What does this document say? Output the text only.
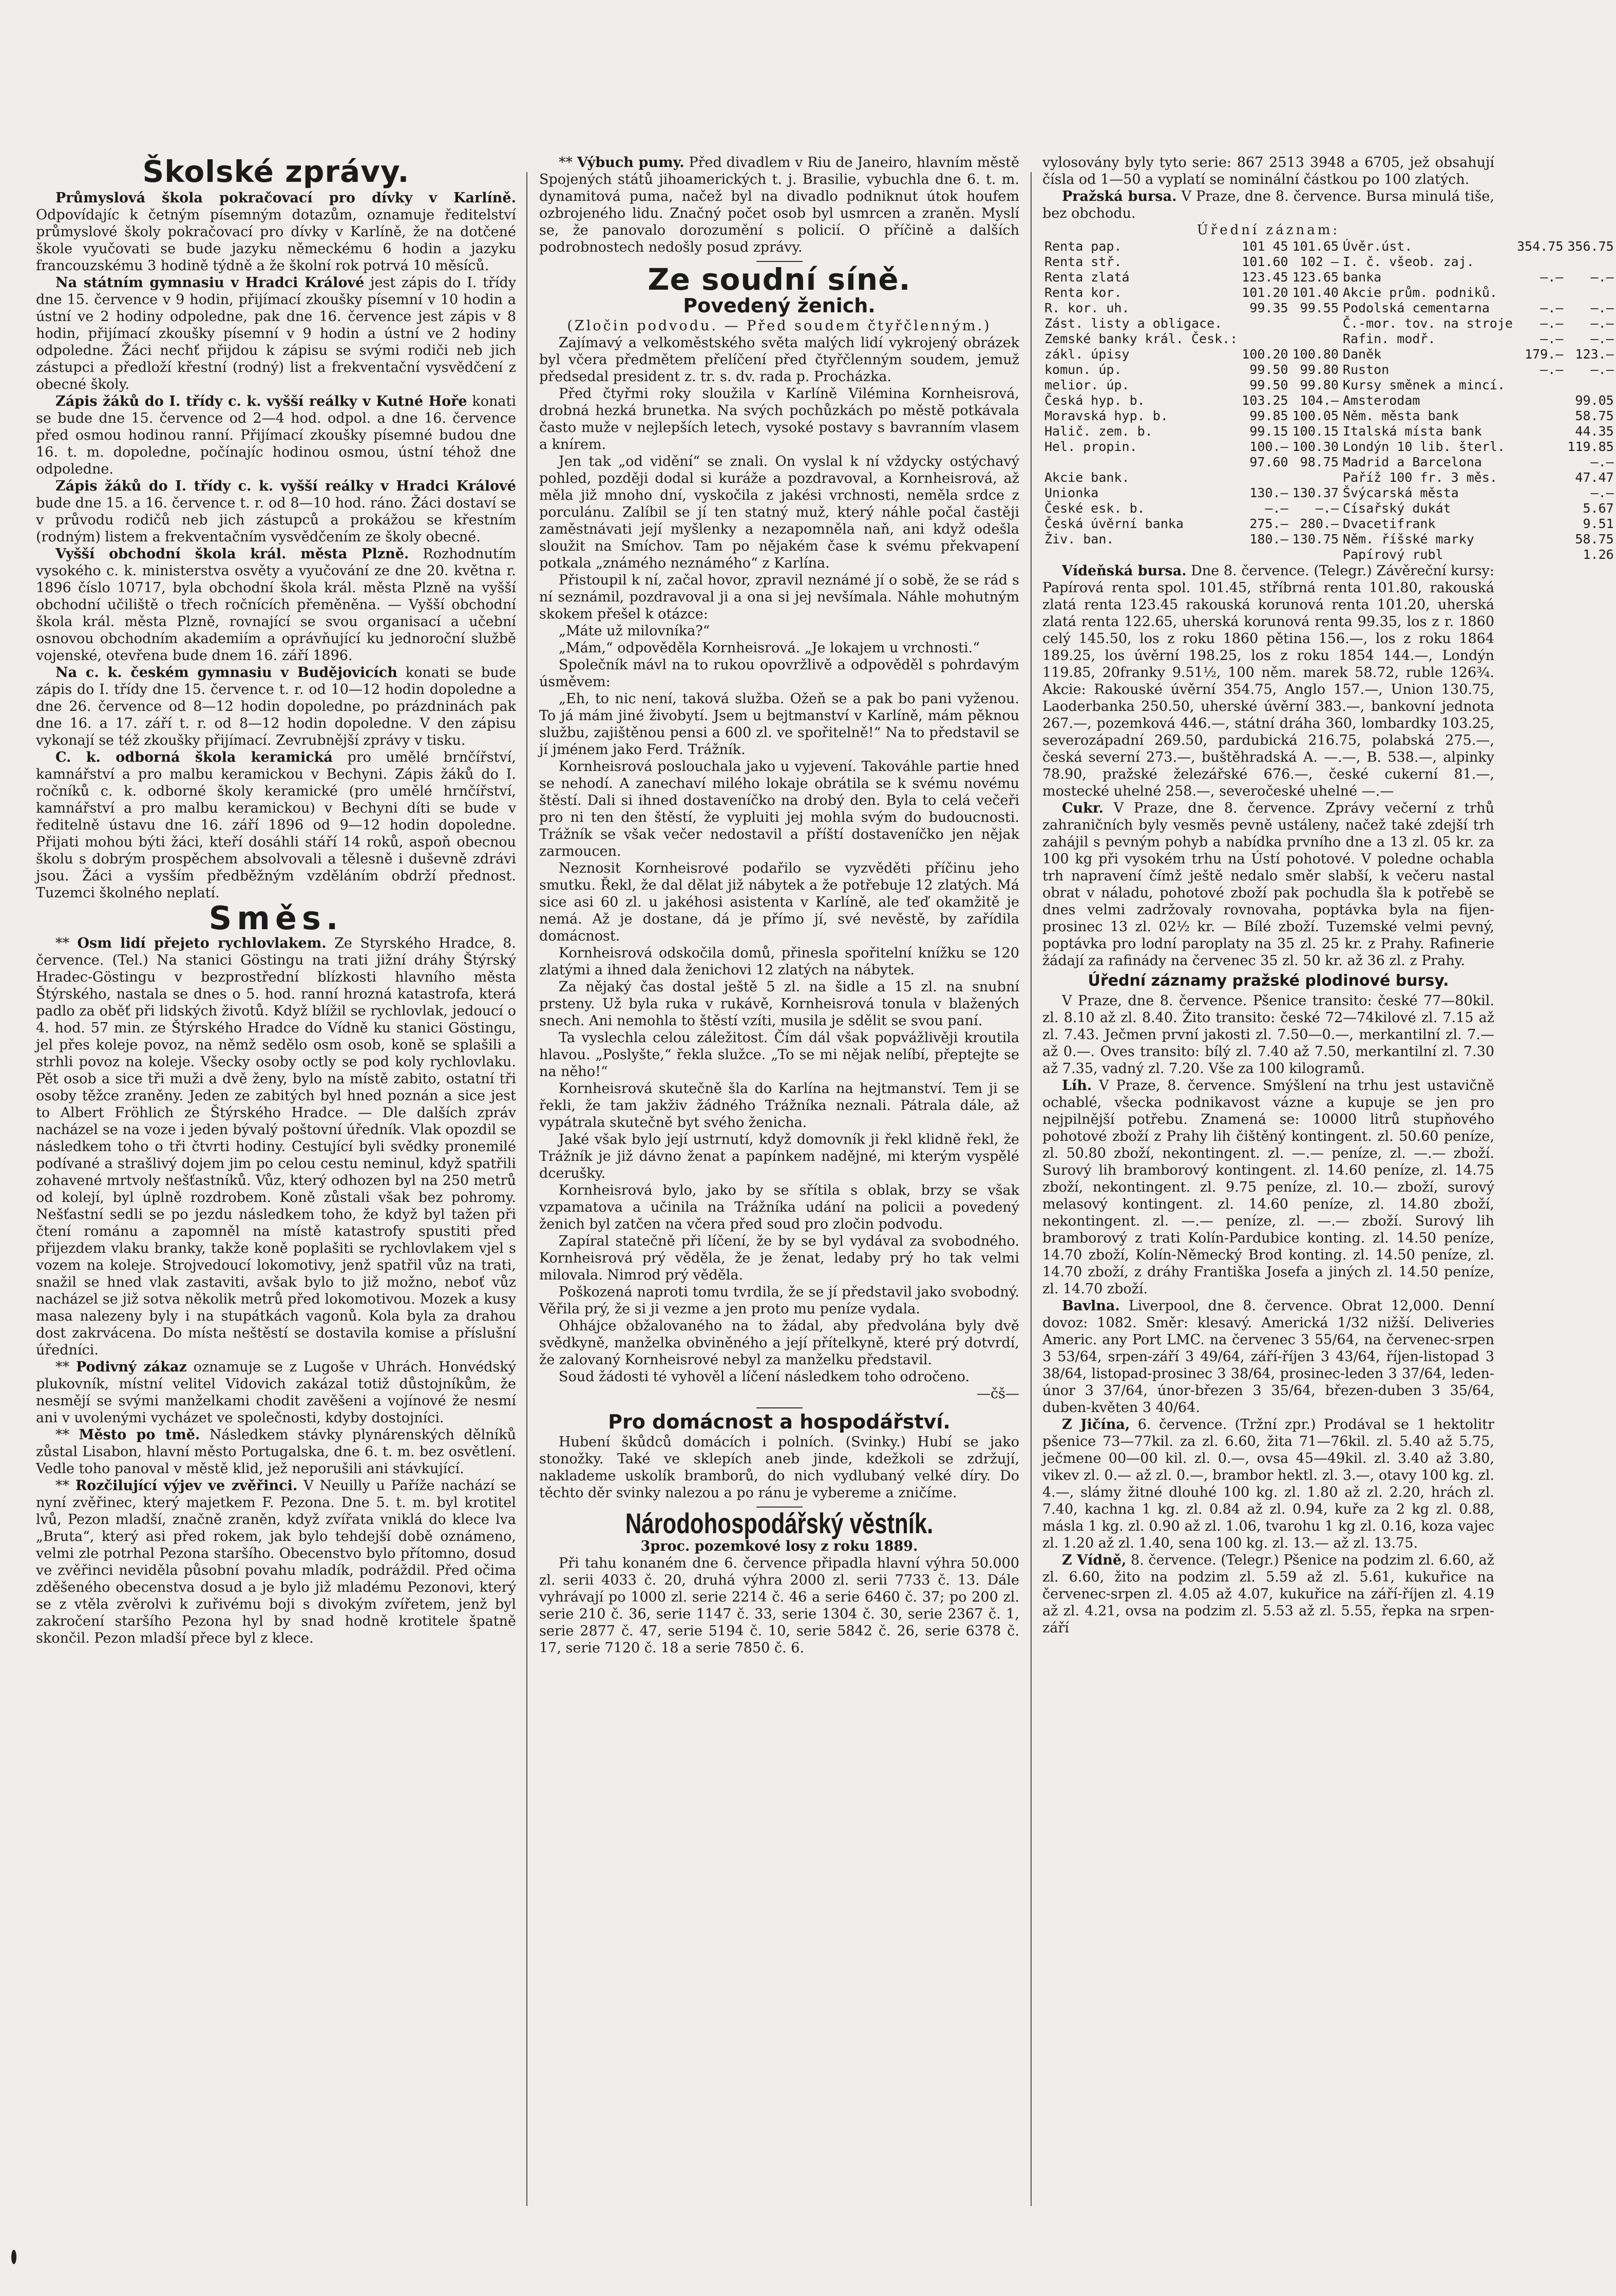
Školské zprávy.

Průmyslová škola pokračovací pro dívky v Karlíně. Odpovídajíc k četným písemným dotazům, oznamuje ředitelství průmyslové školy pokračovací pro dívky v Karlíně, že na dotčené škole vyučovati se bude jazyku německému 6 hodin a jazyku francouzskému 3 hodině týdně a že školní rok potrvá 10 měsíců.

Na státním gymnasiu v Hradci Králové jest zápis do I. třídy dne 15. července v 9 hodin, přijímací zkoušky písemní v 10 hodin a ústní ve 2 hodiny odpoledne, pak dne 16. července jest zápis v 8 hodin, přijímací zkoušky písemní v 9 hodin a ústní ve 2 hodiny odpoledne. Žáci nechť přijdou k zápisu se svými rodiči neb jich zástupci a předloží křestní (rodný) list a frekventační vysvědčení z obecné školy.

Zápis žáků do I. třídy c. k. vyšší reálky v Kutné Hoře konati se bude dne 15. července od 2—4 hod. odpol. a dne 16. července před osmou hodinou ranní. Přijímací zkoušky písemné budou dne 16. t. m. dopoledne, počínajíc hodinou osmou, ústní téhož dne odpoledne.

Zápis žáků do I. třídy c. k. vyšší reálky v Hradci Králové bude dne 15. a 16. července t. r. od 8—10 hod. ráno. Žáci dostaví se v průvodu rodičů neb jich zástupců a prokážou se křestním (rodným) listem a frekventačním vysvědčením ze školy obecné.

Vyšší obchodní škola král. města Plzně. Rozhodnutím vysokého c. k. ministerstva osvěty a vyučování ze dne 20. května r. 1896 číslo 10717, byla obchodní škola král. města Plzně na vyšší obchodní učiliště o třech ročnících přeměněna. — Vyšší obchodní škola král. města Plzně, rovnající se svou organisací a učební osnovou obchodním akademiím a oprávňující ku jednoroční službě vojenské, otevřena bude dnem 16. září 1896.

Na c. k. českém gymnasiu v Budějovicích konati se bude zápis do I. třídy dne 15. července t. r. od 10—12 hodin dopoledne a dne 26. července od 8—12 hodin dopoledne, po prázdninách pak dne 16. a 17. září t. r. od 8—12 hodin dopoledne. V den zápisu vykonají se též zkoušky přijímací. Zevrubnější zprávy v tisku.

C. k. odborná škola keramická pro umělé brnčířství, kamnářství a pro malbu keramickou v Bechyni. Zápis žáků do I. ročníků c. k. odborné školy keramické (pro umělé hrnčířství, kamnářství a pro malbu keramickou) v Bechyni díti se bude v ředitelně ústavu dne 16. září 1896 od 9—12 hodin dopoledne. Přijati mohou býti žáci, kteří dosáhli stáří 14 roků, aspoň obecnou školu s dobrým prospěchem absolvovali a tělesně i duševně zdrávi jsou. Žáci a vysším předběžným vzděláním obdrží přednost. Tuzemci školného neplatí.

Směs.

** Osm lidí přejeto rychlovlakem. Ze Styrského Hradce, 8. července. (Tel.) Na stanici Göstingu na trati jižní dráhy Štýrský Hradec-Göstingu v bezprostřední blízkosti hlavního města Štýrského, nastala se dnes o 5. hod. ranní hrozná katastrofa, která padlo za oběť při lidských životů. Když blížil se rychlovlak, jedoucí o 4. hod. 57 min. ze Štýrského Hradce do Vídně ku stanici Göstingu, jel přes koleje povoz, na němž sedělo osm osob, koně se splašili a strhli povoz na koleje. Všecky osoby octly se pod koly rychlovlaku. Pět osob a sice tři muži a dvě ženy, bylo na místě zabito, ostatní tři osoby těžce zraněny. Jeden ze zabitých byl hned poznán a sice jest to Albert Fröhlich ze Štýrského Hradce. — Dle dalších zpráv nacházel se na voze i jeden bývalý poštovní úředník. Vlak opozdil se následkem toho o tři čtvrti hodiny. Cestující byli svědky pronemilé podívané a strašlivý dojem jim po celou cestu neminul, když spatřili zohavené mrtvoly nešťastníků. Vůz, který odhozen byl na 250 metrů od kolejí, byl úplně rozdrobem. Koně zůstali však bez pohromy. Nešťastní sedli se po jezdu následkem toho, že když byl tažen při čtení románu a zapomněl na místě katastrofy spustiti před přijezdem vlaku branky, takže koně poplašiti se rychlovlakem vjel s vozem na koleje. Strojvedoucí lokomotivy, jenž spatřil vůz na trati, snažil se hned vlak zastaviti, avšak bylo to již možno, neboť vůz nacházel se již sotva několik metrů před lokomotivou. Mozek a kusy masa nalezeny byly i na stupátkách vagonů. Kola byla za drahou dost zakrvácena. Do místa neštěstí se dostavila komise a příslušní úředníci.

** Podivný zákaz oznamuje se z Lugoše v Uhrách. Honvédský plukovník, místní velitel Vidovich zakázal totiž důstojníkům, že nesmějí se svými manželkami chodit zavěšeni a vojínové že nesmí ani v uvolenými vycházet ve společnosti, kdyby dostojníci.

** Město po tmě. Následkem stávky plynárenských dělníků zůstal Lisabon, hlavní město Portugalska, dne 6. t. m. bez osvětlení. Vedle toho panoval v městě klid, jež neporušili ani stávkující.

** Rozčilující výjev ve zvěřinci. V Neuilly u Paříže nachází se nyní zvěřinec, který majetkem F. Pezona. Dne 5. t. m. byl krotitel lvů, Pezon mladší, značně zraněn, když zvířata vniklá do klece lva „Bruta“, který asi před rokem, jak bylo tehdejší době oznámeno, velmi zle potrhal Pezona staršího. Obecenstvo bylo přítomno, dosud ve zvěřinci neviděla působní povahu mladík, podráždil. Před očima zděšeného obecenstva dosud a je bylo již mladému Pezonovi, který se z vtěla zvěrolvi k zuřivému boji s divokým zvířetem, jenž byl zakročení staršího Pezona hyl by snad hodně krotitele špatně skončil. Pezon mladší přece byl z klece.

** Výbuch pumy. Před divadlem v Riu de Janeiro, hlavním městě Spojených států jihoamerických t. j. Brasilie, vybuchla dne 6. t. m. dynamitová puma, načež byl na divadlo podniknut útok houfem ozbrojeného lidu. Značný počet osob byl usmrcen a zraněn. Myslí se, že panovalo dorozumění s policií. O příčině a dalších podrobnostech nedošly posud zprávy.

Ze soudní síně.
Povedený ženich.

(Zločin podvodu. — Před soudem čtyřčlenným.)

Zajímavý a velkoměstského světa malých lidí vykrojený obrázek byl včera předmětem přelíčení před čtyřčlenným soudem, jemuž předsedal president z. tr. s. dv. rada p. Procházka.

Před čtyřmi roky sloužila v Karlíně Vilémina Kornheisrová, drobná hezká brunetka. Na svých pochůzkách po městě potkávala často muže v nejlepších letech, vysoké postavy s bavranním vlasem a knírem.

Jen tak „od vidění“ se znali. On vyslal k ní vždycky ostýchavý pohled, později dodal si kuráže a pozdravoval, a Kornheisrová, až měla již mnoho dní, vyskočila z jakési vrchnosti, neměla srdce z porculánu. Zalíbil se jí ten statný muž, který náhle počal častěji zaměstnávati její myšlenky a nezapomněla naň, ani když odešla sloužit na Smíchov. Tam po nějakém čase k svému překvapení potkala „známého neznámého“ z Karlína.

Přistoupil k ní, začal hovor, zpravil neznámé jí o sobě, že se rád s ní seznámil, pozdravoval ji a ona si jej nevšímala. Náhle mohutným skokem přešel k otázce:

„Máte už milovníka?“

„Mám,“ odpověděla Kornheisrová. „Je lokajem u vrchnosti.“

Společník mávl na to rukou opovržlivě a odpověděl s pohrdavým úsměvem:

„Eh, to nic není, taková služba. Ožeň se a pak bo pani vyženou. To já mám jiné živobytí. Jsem u bejtmanství v Karlíně, mám pěknou službu, zajištěnou pensi a 600 zl. ve spořitelně!“ Na to představil se jí jménem jako Ferd. Trážník.

Kornheisrová poslouchala jako u vyjevení. Takováhle partie hned se nehodí. A zanechaví milého lokaje obrátila se k svému novému štěstí. Dali si ihned dostaveníčko na drobý den. Byla to celá večeři pro ni ten den štěstí, že vypluiti jej mohla svým do budoucnosti. Trážník se však večer nedostavil a příští dostaveníčko jen nějak zarmoucen.

Neznosit Kornheisrové podařilo se vyzvěděti příčinu jeho smutku. Řekl, že dal dělat již nábytek a že potřebuje 12 zlatých. Má sice asi 60 zl. u jakéhosi asistenta v Karlíně, ale teď okamžitě je nemá. Až je dostane, dá je přímo jí, své nevěstě, by zařídila domácnost.

Kornheisrová odskočila domů, přinesla spořitelní knížku se 120 zlatými a ihned dala ženichovi 12 zlatých na nábytek.

Za nějaký čas dostal ještě 5 zl. na šidle a 15 zl. na snubní prsteny. Už byla ruka v rukávě, Kornheisrová tonula v blažených snech. Ani nemohla to štěstí vzíti, musila je sdělit se svou paní.

Ta vyslechla celou záležitost. Čím dál však popvážlivěji kroutila hlavou. „Poslyšte,“ řekla služce. „To se mi nějak nelíbí, přeptejte se na něho!“

Kornheisrová skutečně šla do Karlína na hejtmanství. Tem ji se řekli, že tam jakživ žádného Trážníka neznali. Pátrala dále, až vypátrala skutečně byt svého ženicha.

Jaké však bylo její ustrnutí, když domovník ji řekl klidně řekl, že Trážník je již dávno ženat a papínkem nadějné, mi kterým vyspělé dcerušky.

Kornheisrová bylo, jako by se sřítila s oblak, brzy se však vzpamatova a učinila na Trážníka udání na policii a povedený ženich byl zatčen na včera před soud pro zločin podvodu.

Zapíral statečně při líčení, že by se byl vydával za svobodného. Kornheisrová prý věděla, že je ženat, ledaby prý ho tak velmi milovala. Nimrod prý věděla.

Poškozená naproti tomu tvrdila, že se jí představil jako svobodný. Věřila prý, že si ji vezme a jen proto mu peníze vydala.

Ohhájce obžalovaného na to žádal, aby předvolána byly dvě svědkyně, manželka obviněného a její přítelkyně, které prý dotvrdí, že zalovaný Kornheisrové nebyl za manželku představil.

Soud žádosti té vyhověl a líčení následkem toho odročeno.

—čš—

Pro domácnost a hospodářství.

Hubení škůdců domácích i polních. (Svinky.) Hubí se jako stonožky. Také ve sklepích aneb jinde, kdežkoli se zdržují, naklademe uskolík bramborů, do nich vydlubaný velké díry. Do těchto děr svinky nalezou a po ránu je vybereme a zničíme.

Národohospodářský věstník.

3proc. pozemkové losy z roku 1889.

Při tahu konaném dne 6. července připadla hlavní výhra 50.000 zl. serii 4033 č. 20, druhá výhra 2000 zl. serii 7733 č. 13. Dále vyhrávají po 1000 zl. serie 2214 č. 46 a serie 6460 č. 37; po 200 zl. serie 210 č. 36, serie 1147 č. 33, serie 1304 č. 30, serie 2367 č. 1, serie 2877 č. 47, serie 5194 č. 10, serie 5842 č. 26, serie 6378 č. 17, serie 7120 č. 18 a serie 7850 č. 6.

vylosovány byly tyto serie: 867 2513 3948 a 6705, jež obsahují čísla od 1—50 a vyplatí se nominální částkou po 100 zlatých.

Pražská bursa. V Praze, dne 8. července. Bursa minulá tiše, bez obchodu.

Úřední záznam:
Renta pap.	101 45	101.65	Úvěr.úst.	354.75	356.75
Renta stř.	101.60	102 —	I. č. všeob. zaj.		
Renta zlatá	123.45	123.65	banka	—.—	—.—
Renta kor.	101.20	101.40	Akcie prům. podniků.		
R. kor. uh.	99.35	99.55	Podolská cementarna	—.—	—.—
Zást. listy a obligace.			Č.-mor. tov. na stroje	—.—	—.—
Zemské banky král. Česk.:			Rafin. modř.	—.—	—.—
zákl. úpisy	100.20	100.80	Daněk	179.—	123.—
komun. úp.	99.50	99.80	Ruston	—.—	—.—
melior. úp.	99.50	99.80	Kursy směnek a mincí.		
Česká hyp. b.	103.25	104.—	Amsterodam		99.05
Moravská hyp. b.	99.85	100.05	Něm. města bank		58.75
Halič. zem. b.	99.15	100.15	Italská místa bank		44.35
Hel. propin.	100.—	100.30	Londýn 10 lib. šterl.		119.85
	97.60	98.75	Madrid a Barcelona		—.—
Akcie bank.			Paříž 100 fr. 3 měs.		47.47
Unionka	130.—	130.37	Švýcarská města		—.—
České esk. b.	—.—	—.—	Císařský dukát		5.67
Česká úvěrní banka	275.—	280.—	Dvacetifrank		9.51
Živ. ban.	180.—	130.75	Něm. říšské marky		58.75
			Papírový rubl		1.26

Vídeňská bursa. Dne 8. července. (Telegr.) Závěreční kursy: Papírová renta spol. 101.45, stříbrná renta 101.80, rakouská zlatá renta 123.45 rakouská korunová renta 101.20, uherská zlatá renta 122.65, uherská korunová renta 99.35, los z r. 1860 celý 145.50, los z roku 1860 pětina 156.—, los z roku 1864 189.25, los úvěrní 198.25, los z roku 1854 144.—, Londýn 119.85, 20franky 9.51½, 100 něm. marek 58.72, ruble 126¾. Akcie: Rakouské úvěrní 354.75, Anglo 157.—, Union 130.75, Laoderbanka 250.50, uherské úvěrní 383.—, bankovní jednota 267.—, pozemková 446.—, státní dráha 360, lombardky 103.25, severozápadní 269.50, pardubická 216.75, polabská 275.—, česká severní 273.—, buštěhradská A. —.—, B. 538.—, alpinky 78.90, pražské železářské 676.—, české cukerní 81.—, mostecké uhelné 258.—, severočeské uhelné —.—

Cukr. V Praze, dne 8. července. Zprávy večerní z trhů zahraničních byly vesměs pevně ustáleny, načež také zdejší trh zahájil s pevným pohyb a nabídka prvního dne a 13 zl. 05 kr. za 100 kg při vysokém trhu na Ústí pohotové. V poledne ochabla trh napravení čímž ještě nedalo směr slabší, k večeru nastal obrat v náladu, pohotové zboží pak pochudla šla k potřebě se dnes velmi zadržovaly rovnovaha, poptávka byla na fijen-prosinec 13 zl. 02½ kr. — Bílé zboží. Tuzemské velmi pevný, poptávka pro lodní paroplaty na 35 zl. 25 kr. z Prahy. Rafinerie žádají za rafinády na červenec 35 zl. 50 kr. až 36 zl. z Prahy.

Úřední záznamy pražské plodinové bursy.

V Praze, dne 8. července. Pšenice transito: české 77—80kil. zl. 8.10 až zl. 8.40. Žito transito: české 72—74kilové zl. 7.15 až zl. 7.43. Ječmen první jakosti zl. 7.50—0.—, merkantilní zl. 7.— až 0.—. Oves transito: bílý zl. 7.40 až 7.50, merkantilní zl. 7.30 až 7.35, vadný zl. 7.20. Vše za 100 kilogramů.

Líh. V Praze, 8. července. Smýšlení na trhu jest ustavičně ochablé, všecka podnikavost vázne a kupuje se jen pro nejpilnější potřebu. Znamená se: 10000 litrů stupňového pohotové zboží z Prahy lih čištěný kontingent. zl. 50.60 peníze, zl. 50.80 zboží, nekontingent. zl. —.— peníze, zl. —.— zboží. Surový lih bramborový kontingent. zl. 14.60 peníze, zl. 14.75 zboží, nekontingent. zl. 9.75 peníze, zl. 10.— zboží, surový melasový kontingent. zl. 14.60 peníze, zl. 14.80 zboží, nekontingent. zl. —.— peníze, zl. —.— zboží. Surový lih bramborový z trati Kolín-Pardubice konting. zl. 14.50 peníze, 14.70 zboží, Kolín-Německý Brod konting. zl. 14.50 peníze, zl. 14.70 zboží, z dráhy Františka Josefa a jiných zl. 14.50 peníze, zl. 14.70 zboží.

Bavlna. Liverpool, dne 8. července. Obrat 12,000. Denní dovoz: 1082. Směr: klesavý. Americká 1/32 nižší. Deliveries Americ. any Port LMC. na červenec 3 55/64, na červenec-srpen 3 53/64, srpen-září 3 49/64, září-říjen 3 43/64, říjen-listopad 3 38/64, listopad-prosinec 3 38/64, prosinec-leden 3 37/64, leden-únor 3 37/64, únor-březen 3 35/64, březen-duben 3 35/64, duben-květen 3 40/64.

Z Jičína, 6. července. (Tržní zpr.) Prodával se 1 hektolitr pšenice 73—77kil. za zl. 6.60, žita 71—76kil. zl. 5.40 až 5.75, ječmene 00—00 kil. zl. 0.—, ovsa 45—49kil. zl. 3.40 až 3.80, vikev zl. 0.— až zl. 0.—, brambor hektl. zl. 3.—, otavy 100 kg. zl. 4.—, slámy žitné dlouhé 100 kg. zl. 1.80 až zl. 2.20, hrách zl. 7.40, kachna 1 kg. zl. 0.84 až zl. 0.94, kuře za 2 kg zl. 0.88, másla 1 kg. zl. 0.90 až zl. 1.06, tvarohu 1 kg zl. 0.16, koza vajec zl. 1.20 až zl. 1.40, sena 100 kg. zl. 13.— až zl. 13.75.

Z Vídně, 8. července. (Telegr.) Pšenice na podzim zl. 6.60, až zl. 6.60, žito na podzim zl. 5.59 až zl. 5.61, kukuřice na červenec-srpen zl. 4.05 až 4.07, kukuřice na září-říjen zl. 4.19 až zl. 4.21, ovsa na podzim zl. 5.53 až zl. 5.55, řepka na srpen-září
